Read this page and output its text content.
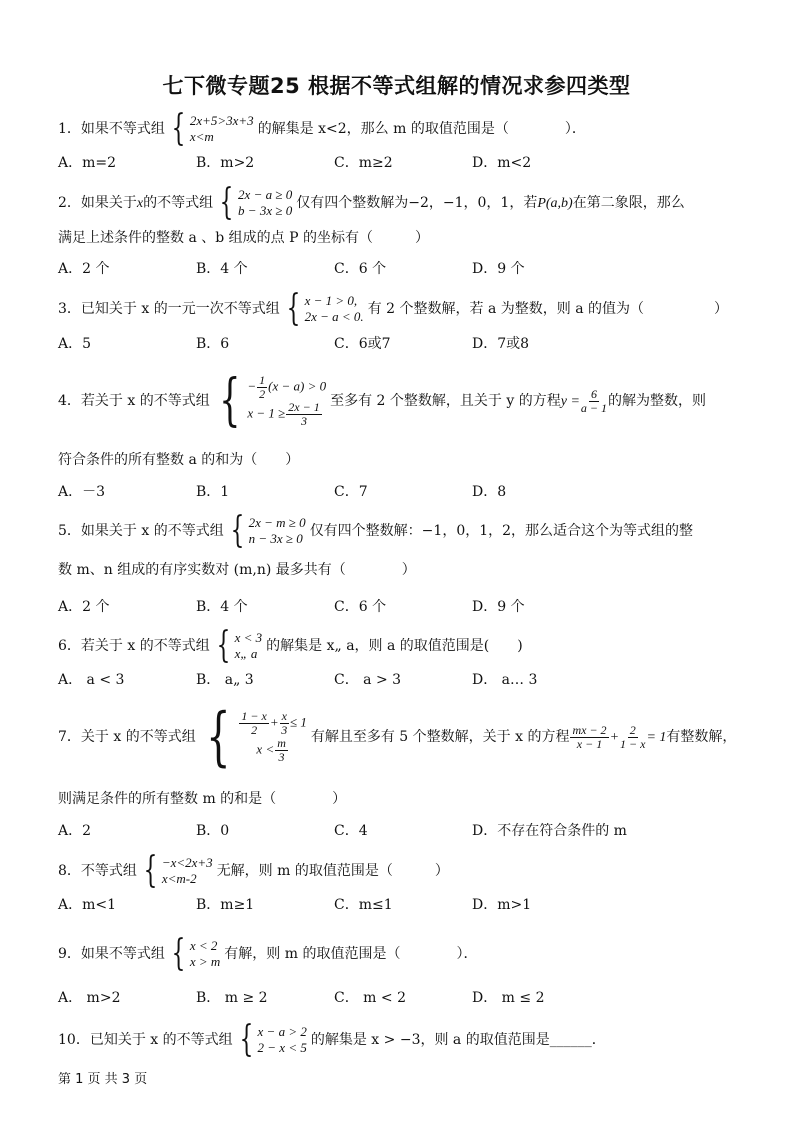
七下微专题25 根据不等式组解的情况求参四类型
1．如果不等式组 { 2x+5>3x+3
x<m	的解集是 x<2，那么 m 的取值范围是（　　　　）．
A．m=2	B．m>2	C．m≥2	D．m<2
2．如果关于x的不等式组 { 2x − a ≥ 0
b − 3x ≥ 0 仅有四个整数解为−2，−1，0，1，若P(a,b)在第二象限，那么
满足上述条件的整数 a 、b 组成的点 P 的坐标有（　　　）
A．2 个	B．4 个	C．6 个	D．9 个
3．已知关于 x 的一元一次不等式组 { x − 1 > 0,
2x − a < 0. 有 2 个整数解，若 a 为整数，则 a 的值为（　　　　　）
A．5	B．6	C．6或7	D．7或8
4．若关于 x 的不等式组 { − $\frac{1}{2} (x - a) > 0$
$x - 1 \ge \frac{2x - 1}{3}$ 至多有 2 个整数解，且关于 y 的方程$y = \frac{6}{a - 1}$ 的解为整数，则
符合条件的所有整数 a 的和为（　　）
A．－3	B．1	C．7	D．8
5．如果关于 x 的不等式组 { 2x − m ≥ 0
n − 3x ≥ 0 仅有四个整数解：−1，0，1，2，那么适合这个为等式组的整
数 m、n 组成的有序实数对 (m,n) 最多共有（　　　　）
A．2 个	B．4 个	C．6 个	D．9 个
6．若关于 x 的不等式组 { x < 3
x„ a 的解集是 x„ a，则 a 的取值范围是(　　)
A． a < 3	B． a„ 3	C． a > 3	D． a… 3
7．关于 x 的不等式组 { $\frac{1 - x}{2} + \frac{x}{3} \le 1$
$x < \frac{m}{3}$ 有解且至多有 5 个整数解，关于 x 的方程 $\frac{mx - 2}{x - 1} + \frac{2}{1 - x} = 1$有整数解，
则满足条件的所有整数 m 的和是（　　　　）
A．2	B．0	C．4	D．不存在符合条件的 m
8．不等式组 { −x<2x+3
x<m-2	无解，则 m 的取值范围是（　　　）
A．m<1	B．m≥1	C．m≤1	D．m>1
9．如果不等式组 { x < 2
x > m 有解，则 m 的取值范围是（　　　　）．
A． m>2	B． m ≥ 2	C． m < 2	D． m ≤ 2
10．已知关于 x 的不等式组 { x − a > 2
2 − x < 5 的解集是 x > −3，则 a 的取值范围是______．
第 1 页 共 3 页
